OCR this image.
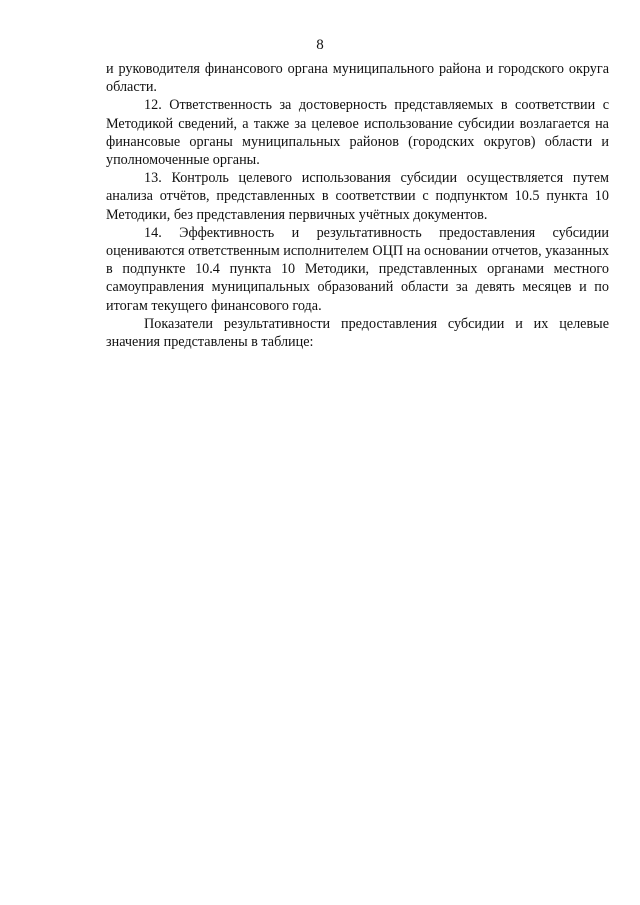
8

и руководителя финансового органа муниципального района и городского округа области.

12. Ответственность за достоверность представляемых в соответствии с Методикой сведений, а также за целевое использование субсидии возлагается на финансовые органы муниципальных районов (городских округов) области и уполномоченные органы.

13. Контроль целевого использования субсидии осуществляется путем анализа отчётов, представленных в соответствии с подпунктом 10.5 пункта 10 Методики, без представления первичных учётных документов.

14. Эффективность и результативность предоставления субсидии оцениваются ответственным исполнителем ОЦП на основании отчетов, указанных в подпункте 10.4 пункта 10 Методики, представленных органами местного самоуправления муниципальных образований области за девять месяцев и по итогам текущего финансового года.

Показатели результативности предоставления субсидии и их целевые значения представлены в таблице:
